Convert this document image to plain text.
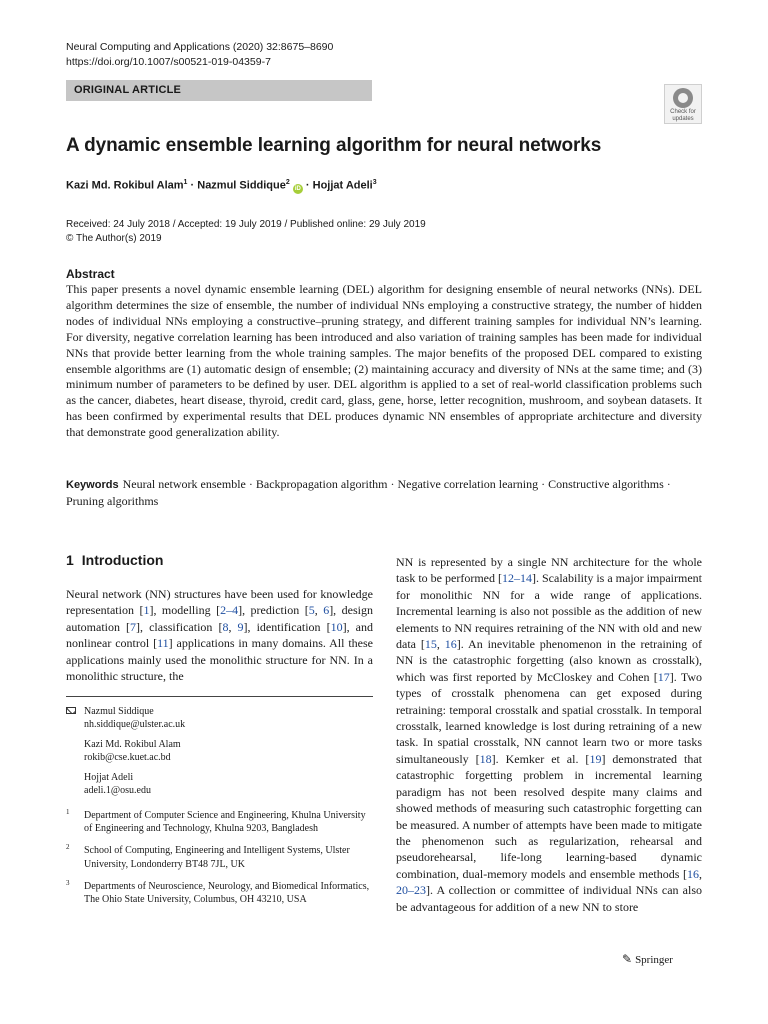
Neural Computing and Applications (2020) 32:8675–8690
https://doi.org/10.1007/s00521-019-04359-7
ORIGINAL ARTICLE
Check for
updates
A dynamic ensemble learning algorithm for neural networks
Kazi Md. Rokibul Alam$^1$ · Nazmul Siddique$^2$ iD · Hojjat Adeli$^3$
Received: 24 July 2018 / Accepted: 19 July 2019 / Published online: 29 July 2019
© The Author(s) 2019
Abstract

This paper presents a novel dynamic ensemble learning (DEL) algorithm for designing ensemble of neural networks (NNs). DEL algorithm determines the size of ensemble, the number of individual NNs employing a constructive strategy, the number of hidden nodes of individual NNs employing a constructive–pruning strategy, and different training samples for individual NN’s learning. For diversity, negative correlation learning has been introduced and also variation of training samples has been made for individual NNs that provide better learning from the whole training samples. The major benefits of the proposed DEL compared to existing ensemble algorithms are (1) automatic design of ensemble; (2) maintaining accuracy and diversity of NNs at the same time; and (3) minimum number of parameters to be defined by user. DEL algorithm is applied to a set of real-world classification problems such as the cancer, diabetes, heart disease, thyroid, credit card, glass, gene, horse, letter recognition, mushroom, and soybean datasets. It has been confirmed by experimental results that DEL produces dynamic NN ensembles of appropriate architecture and diversity that demonstrate good generalization ability.

Keywords Neural network ensemble · Backpropagation algorithm · Negative correlation learning · Constructive algorithms · Pruning algorithms

1 Introduction

Neural network (NN) structures have been used for knowledge representation [1], modelling [2–4], prediction [5, 6], design automation [7], classification [8, 9], identification [10], and nonlinear control [11] applications in many domains. All these applications mainly used the monolithic structure for NN. In a monolithic structure, the

Nazmul Siddique
nh.siddique@ulster.ac.uk
Kazi Md. Rokibul Alam
rokib@cse.kuet.ac.bd
Hojjat Adeli
adeli.1@osu.edu
1 Department of Computer Science and Engineering, Khulna University of Engineering and Technology, Khulna 9203, Bangladesh
2 School of Computing, Engineering and Intelligent Systems, Ulster University, Londonderry BT48 7JL, UK
3 Departments of Neuroscience, Neurology, and Biomedical Informatics, The Ohio State University, Columbus, OH 43210, USA

NN is represented by a single NN architecture for the whole task to be performed [12–14]. Scalability is a major impairment for monolithic NN for a wide range of applications. Incremental learning is also not possible as the addition of new elements to NN requires retraining of the NN with old and new data [15, 16]. An inevitable phenomenon in the retraining of NN is the catastrophic forgetting (also known as crosstalk), which was first reported by McCloskey and Cohen [17]. Two types of crosstalk phenomena can get exposed during retraining: temporal crosstalk and spatial crosstalk. In temporal crosstalk, learned knowledge is lost during retraining of a new task. In spatial crosstalk, NN cannot learn two or more tasks simultaneously [18]. Kemker et al. [19] demonstrated that catastrophic forgetting problem in incremental learning paradigm has not been resolved despite many claims and showed methods of measuring such catastrophic forgetting can be measured. A number of attempts have been made to mitigate the phenomenon such as regularization, rehearsal and pseudorehearsal, life-long learning-based dynamic combination, dual-memory models and ensemble methods [16, 20–23]. A collection or committee of individual NNs can also be advantageous for addition of a new NN to store

✎ Springer
